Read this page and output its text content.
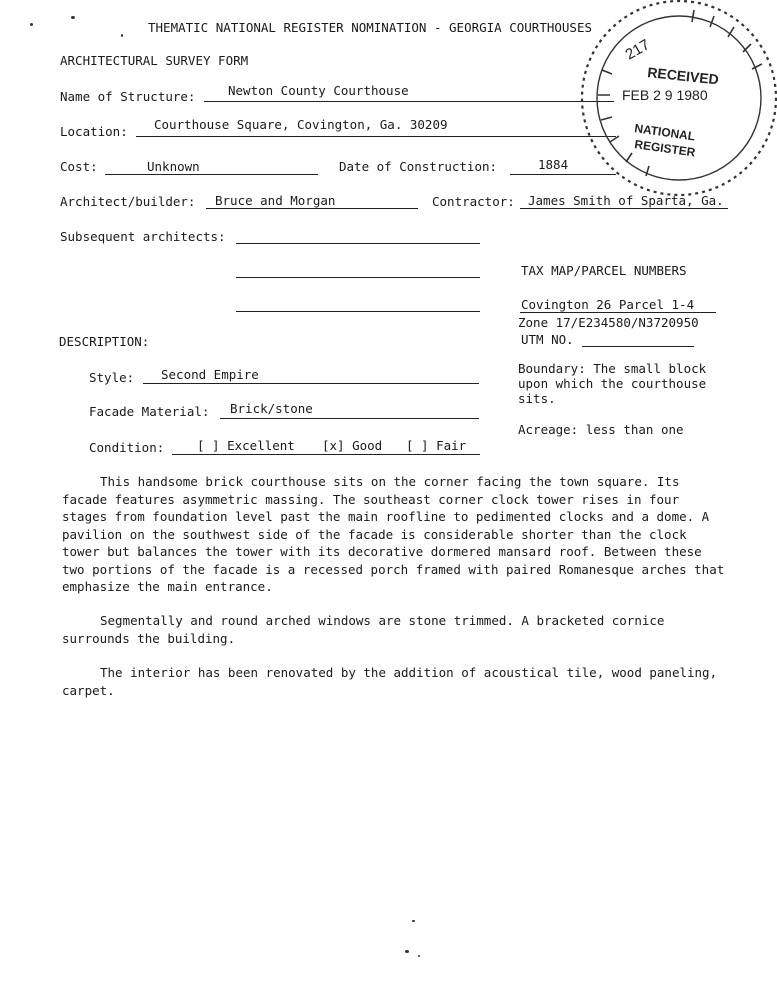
THEMATIC NATIONAL REGISTER NOMINATION - GEORGIA COURTHOUSES
ARCHITECTURAL SURVEY FORM
Name of Structure:	Newton County Courthouse
Location: Courthouse Square, Covington, Ga. 30209
Cost:	Unknown	Date of Construction:	1884
Architect/builder: Bruce and Morgan	Contractor: James Smith of Sparta, Ga.
Subsequent architects:
TAX MAP/PARCEL NUMBERS
Covington 26 Parcel 1-4
Zone 17/E234580/N3720950
UTM NO.
Boundary: The small block
upon which the courthouse
sits.
Acreage: less than one
DESCRIPTION:
Style: Second Empire
Facade Material: Brick/stone
Condition:	[ ] Excellent [x] Good [ ] Fair

This handsome brick courthouse sits on the corner facing the town square. Its facade features asymmetric massing. The southeast corner clock tower rises in four stages from foundation level past the main roofline to pedimented clocks and a dome. A pavilion on the southwest side of the facade is considerable shorter than the clock tower but balances the tower with its decorative dormered mansard roof. Between these two portions of the facade is a recessed porch framed with paired Romanesque arches that emphasize the main entrance.

Segmentally and round arched windows are stone trimmed. A bracketed cornice surrounds the building.

The interior has been renovated by the addition of acoustical tile, wood paneling, carpet.

217
RECEIVED
FEB 2 9 1980
NATIONAL
REGISTER
